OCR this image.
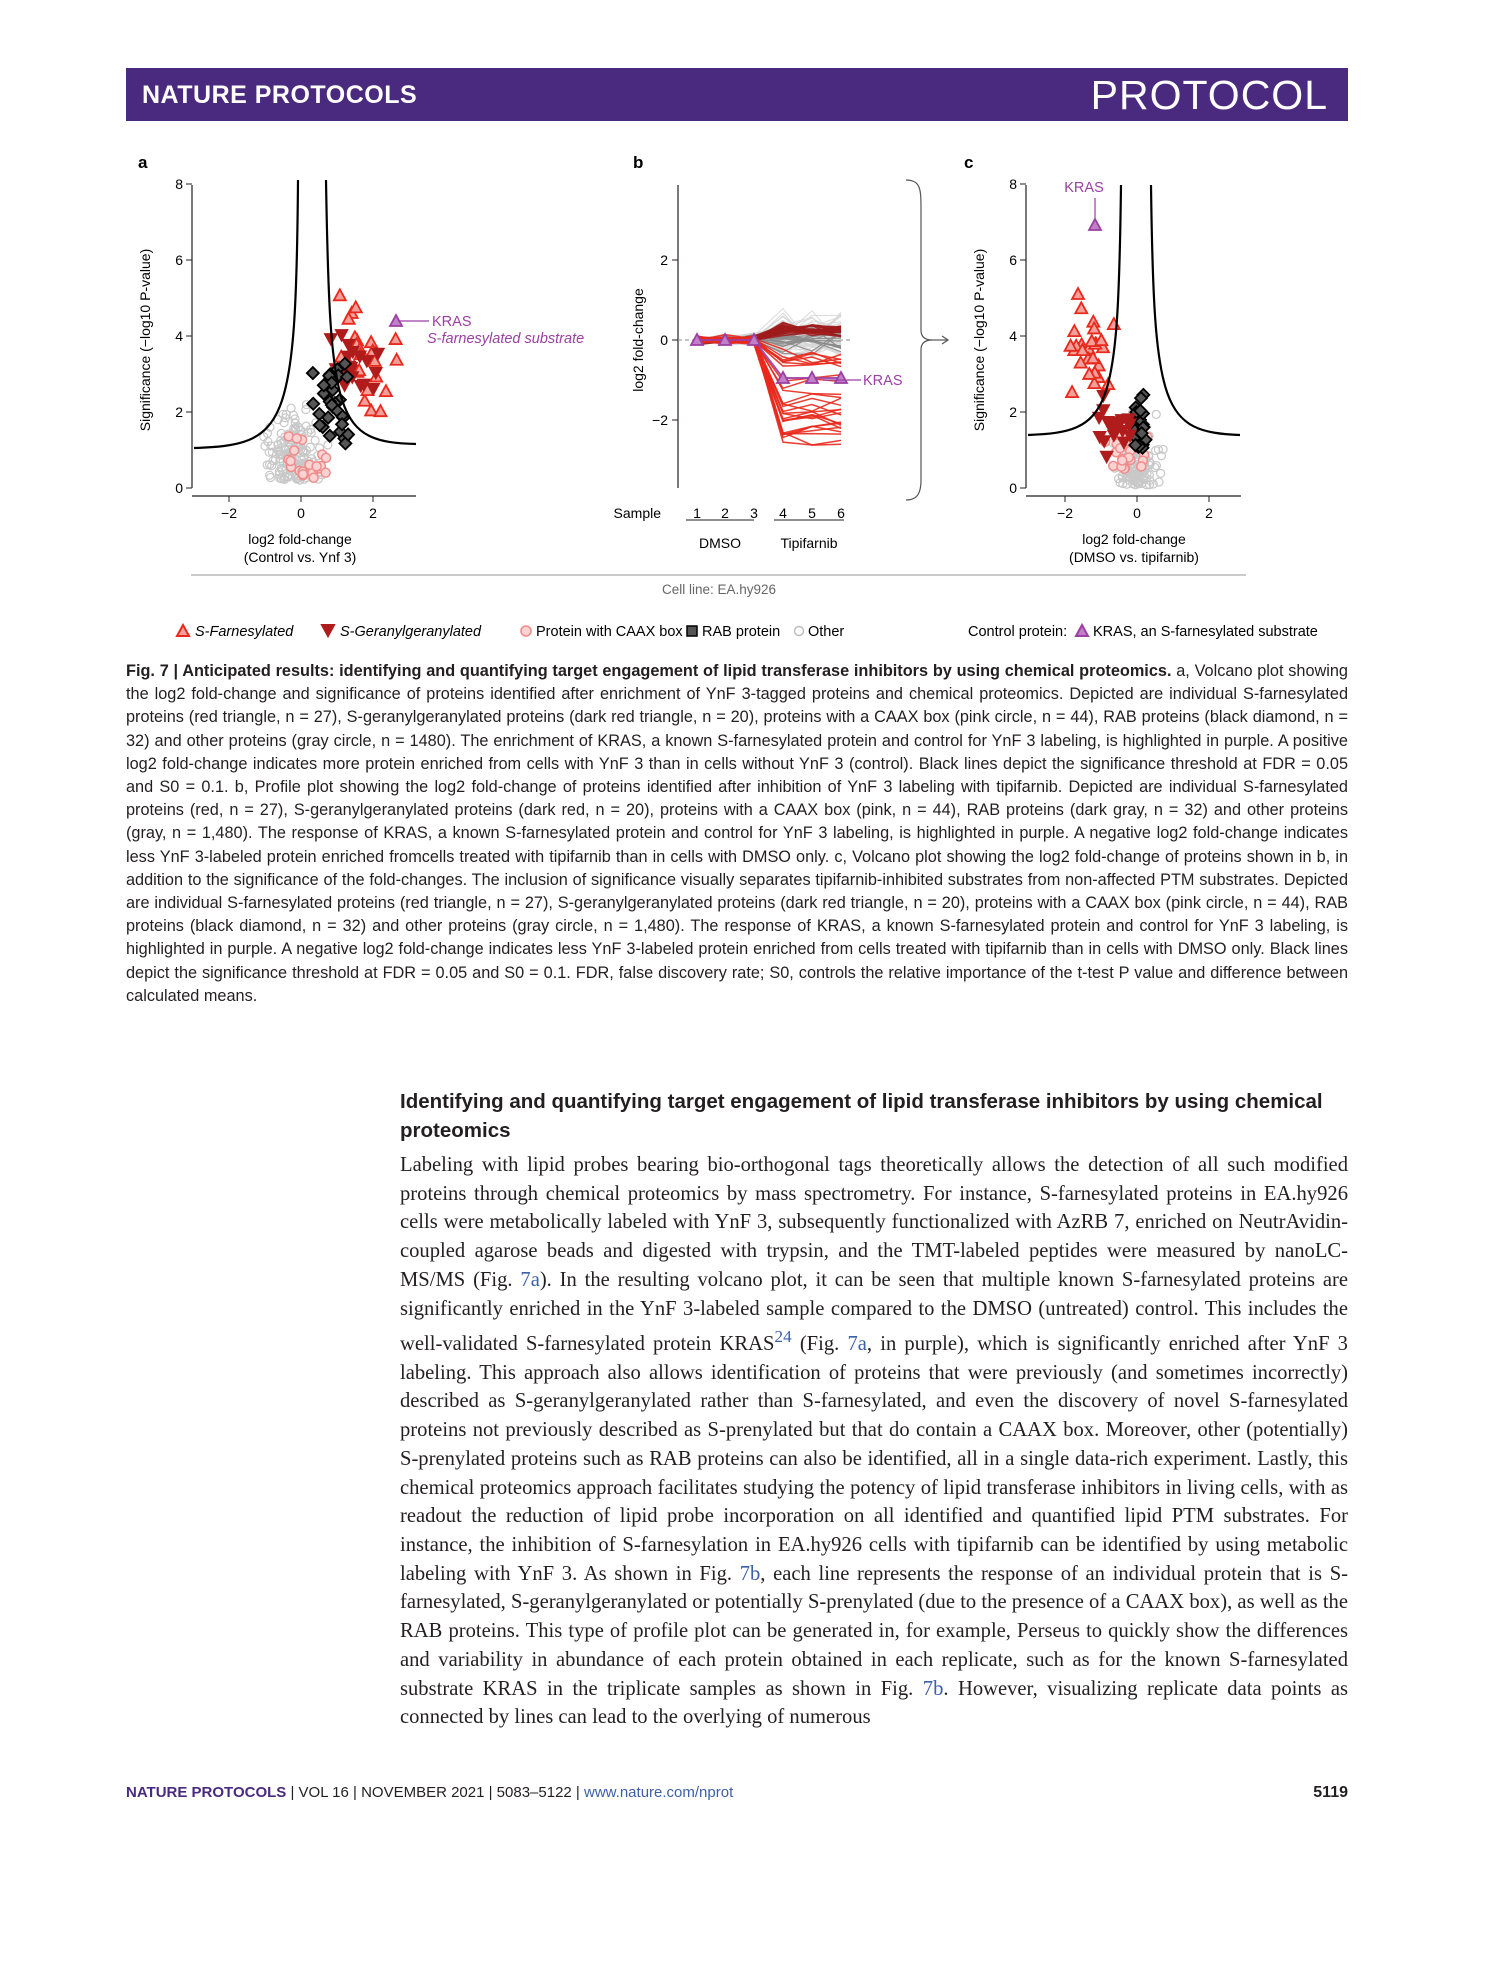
NATURE PROTOCOLS	PROTOCOL
a
Significance (−log10 P-value)
0
2
4
6
8
−2	0	2
KRAS
S-farnesylated substrate
log2 fold-change
(Control vs. Ynf 3)
b
log2 fold-change
2
0
−2
Sample 1 2 3 4 5 6
DMSO	Tipifarnib
KRAS
c
Significance (−log10 P-value)
0
2
4
6
8
−2	0	2
KRAS
log2 fold-change
(DMSO vs. tipifarnib)
Cell line: EA.hy926
S-Farnesylated	S-Geranylgeranylated	Protein with CAAX box RAB protein Other	Control protein: KRAS, an S-farnesylated substrate

Fig. 7 | Anticipated results: identifying and quantifying target engagement of lipid transferase inhibitors by using chemical proteomics. a, Volcano plot showing the log2 fold-change and significance of proteins identified after enrichment of YnF 3-tagged proteins and chemical proteomics. Depicted are individual S-farnesylated proteins (red triangle, n = 27), S-geranylgeranylated proteins (dark red triangle, n = 20), proteins with a CAAX box (pink circle, n = 44), RAB proteins (black diamond, n = 32) and other proteins (gray circle, n = 1480). The enrichment of KRAS, a known S-farnesylated protein and control for YnF 3 labeling, is highlighted in purple. A positive log2 fold-change indicates more protein enriched from cells with YnF 3 than in cells without YnF 3 (control). Black lines depict the significance threshold at FDR = 0.05 and S0 = 0.1. b, Profile plot showing the log2 fold-change of proteins identified after inhibition of YnF 3 labeling with tipifarnib. Depicted are individual S-farnesylated proteins (red, n = 27), S-geranylgeranylated proteins (dark red, n = 20), proteins with a CAAX box (pink, n = 44), RAB proteins (dark gray, n = 32) and other proteins (gray, n = 1,480). The response of KRAS, a known S-farnesylated protein and control for YnF 3 labeling, is highlighted in purple. A negative log2 fold-change indicates less YnF 3-labeled protein enriched fromcells treated with tipifarnib than in cells with DMSO only. c, Volcano plot showing the log2 fold-change of proteins shown in b, in addition to the significance of the fold-changes. The inclusion of significance visually separates tipifarnib-inhibited substrates from non-affected PTM substrates. Depicted are individual S-farnesylated proteins (red triangle, n = 27), S-geranylgeranylated proteins (dark red triangle, n = 20), proteins with a CAAX box (pink circle, n = 44), RAB proteins (black diamond, n = 32) and other proteins (gray circle, n = 1,480). The response of KRAS, a known S-farnesylated protein and control for YnF 3 labeling, is highlighted in purple. A negative log2 fold-change indicates less YnF 3-labeled protein enriched from cells treated with tipifarnib than in cells with DMSO only. Black lines depict the significance threshold at FDR = 0.05 and S0 = 0.1. FDR, false discovery rate; S0, controls the relative importance of the t-test P value and difference between calculated means.

Identifying and quantifying target engagement of lipid transferase inhibitors by using chemical proteomics

Labeling with lipid probes bearing bio-orthogonal tags theoretically allows the detection of all such modified proteins through chemical proteomics by mass spectrometry. For instance, S-farnesylated proteins in EA.hy926 cells were metabolically labeled with YnF 3, subsequently functionalized with AzRB 7, enriched on NeutrAvidin-coupled agarose beads and digested with trypsin, and the TMT-labeled peptides were measured by nanoLC-MS/MS (Fig. 7a). In the resulting volcano plot, it can be seen that multiple known S-farnesylated proteins are significantly enriched in the YnF 3-labeled sample compared to the DMSO (untreated) control. This includes the well-validated S-farnesylated protein KRAS$^{24}$ (Fig. 7a, in purple), which is significantly enriched after YnF 3 labeling. This approach also allows identification of proteins that were previously (and sometimes incorrectly) described as S-geranylgeranylated rather than S-farnesylated, and even the discovery of novel S-farnesylated proteins not previously described as S-prenylated but that do contain a CAAX box. Moreover, other (potentially) S-prenylated proteins such as RAB proteins can also be identified, all in a single data-rich experiment. Lastly, this chemical proteomics approach facilitates studying the potency of lipid transferase inhibitors in living cells, with as readout the reduction of lipid probe incorporation on all identified and quantified lipid PTM substrates. For instance, the inhibition of S-farnesylation in EA.hy926 cells with tipifarnib can be identified by using metabolic labeling with YnF 3. As shown in Fig. 7b, each line represents the response of an individual protein that is S-farnesylated, S-geranylgeranylated or potentially S-prenylated (due to the presence of a CAAX box), as well as the RAB proteins. This type of profile plot can be generated in, for example, Perseus to quickly show the differences and variability in abundance of each protein obtained in each replicate, such as for the known S-farnesylated substrate KRAS in the triplicate samples as shown in Fig. 7b. However, visualizing replicate data points as connected by lines can lead to the overlying of numerous

NATURE PROTOCOLS | VOL 16 | NOVEMBER 2021 | 5083–5122 | www.nature.com/nprot	5119
